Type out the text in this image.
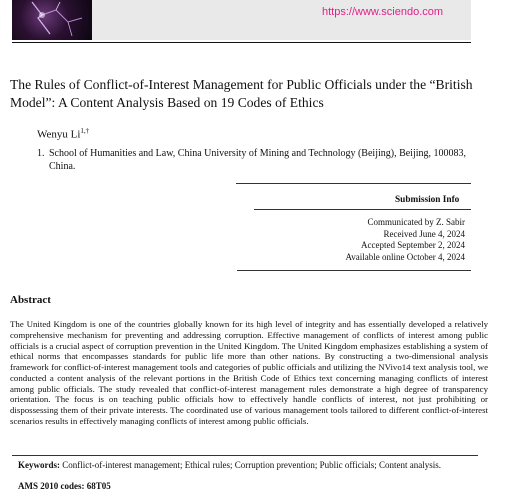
https://www.sciendo.com
The Rules of Conflict-of-Interest Management for Public Officials under the “British Model”: A Content Analysis Based on 19 Codes of Ethics
Wenyu $Li^{1,\dagger}$
1. School of Humanities and Law, China University of Mining and Technology (Beijing), Beijing, 100083, China.
Submission Info
Communicated by Z. Sabir
Received June 4, 2024
Accepted September 2, 2024
Available online October 4, 2024
Abstract
The United Kingdom is one of the countries globally known for its high level of integrity and has essentially developed a relatively comprehensive mechanism for preventing and addressing corruption. Effective management of conflicts of interest among public officials is a crucial aspect of corruption prevention in the United Kingdom. The United Kingdom emphasizes establishing a system of ethical norms that encompasses standards for public life more than other nations. By constructing a two-dimensional analysis framework for conflict-of-interest management tools and categories of public officials and utilizing the NVivo14 text analysis tool, we conducted a content analysis of the relevant portions in the British Code of Ethics text concerning managing conflicts of interest among public officials. The study revealed that conflict-of-interest management rules demonstrate a high degree of transparency orientation. The focus is on teaching public officials how to effectively handle conflicts of interest, not just prohibiting or dispossessing them of their private interests. The coordinated use of various management tools tailored to different conflict-of-interest scenarios results in effectively managing conflicts of interest among public officials.
Keywords: Conflict-of-interest management; Ethical rules; Corruption prevention; Public officials; Content analysis.
AMS 2010 codes: 68T05
